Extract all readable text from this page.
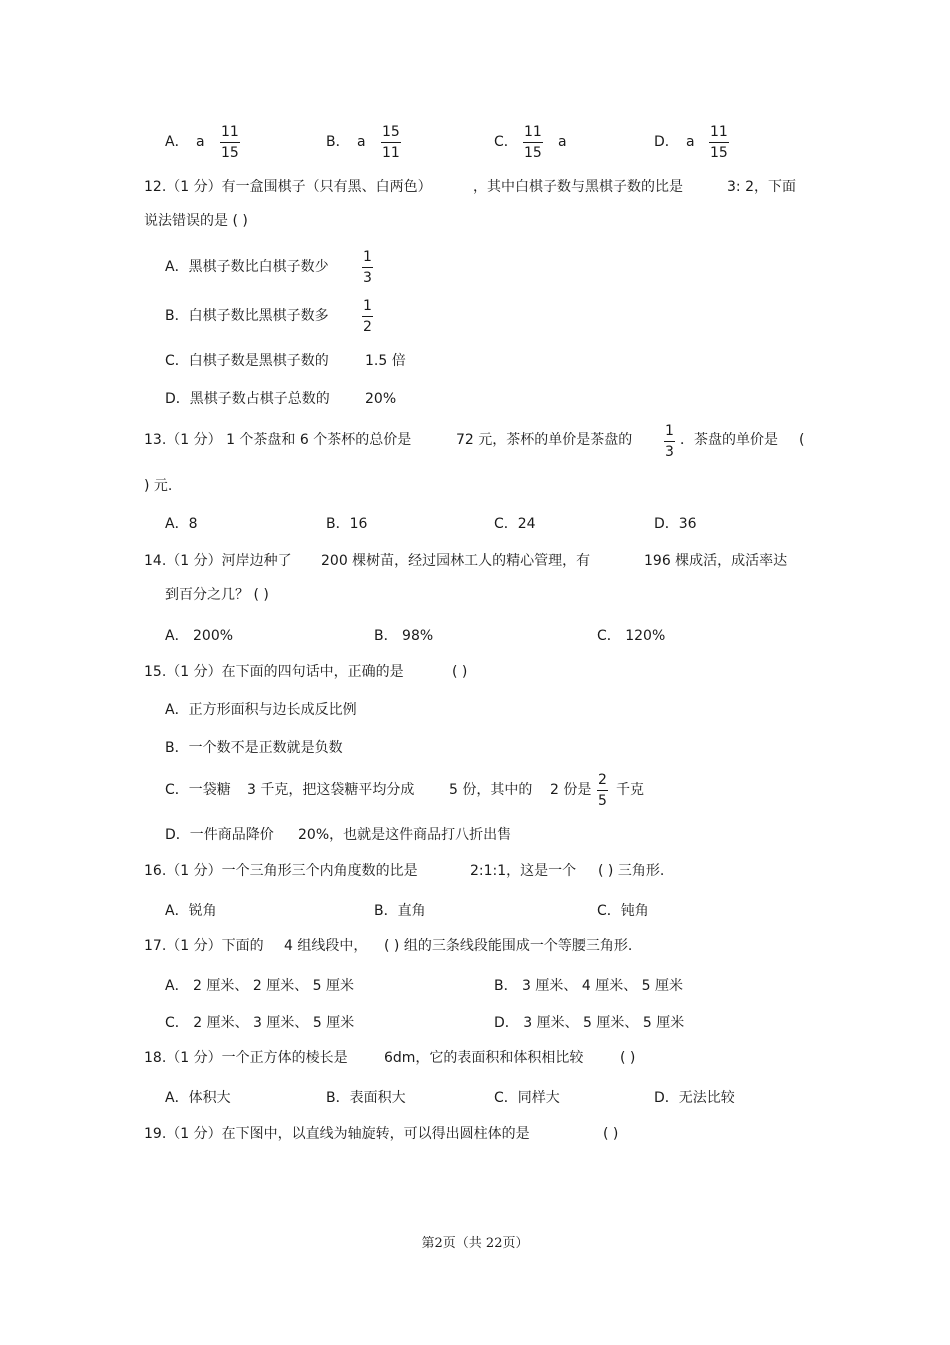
A． a $\frac{11}{15}$	B． a $\frac{15}{11}$	C． $\frac{11}{15}$ a	D． a $\frac{11}{15}$
12.（1 分）有一盒围棋子（只有黑、白两色）	，其中白棋子数与黑棋子数的比是	3: 2，下面
说法错误的是 ( )
A．黑棋子数比白棋子数少 $\frac{1}{3}$
B．白棋子数比黑棋子数多 $\frac{1}{2}$
C．白棋子数是黑棋子数的	1.5 倍
D．黑棋子数占棋子总数的	20%
13.（1 分） 1 个茶盘和 6 个茶杯的总价是	72 元，茶杯的单价是茶盘的 $\frac{1}{3}$ ．茶盘的单价是 (
) 元.
A．8	B．16	C．24	D．36
14.（1 分）河岸边种了 200 棵树苗，经过园林工人的精心管理，有	196 棵成活，成活率达
到百分之几？ ( )
A． 200%	B． 98%	C． 120%
15.（1 分）在下面的四句话中，正确的是	( )
A．正方形面积与边长成反比例
B．一个数不是正数就是负数
C．一袋糖 3 千克，把这袋糖平均分成 5 份，其中的 2 份是 $\frac{2}{5}$ 千克
D．一件商品降价 20%，也就是这件商品打八折出售
16.（1 分）一个三角形三个内角度数的比是	2:1:1，这是一个 ( ) 三角形.
A．锐角	B．直角	C．钝角
17.（1 分）下面的 4 组线段中， ( ) 组的三条线段能围成一个等腰三角形.
A． 2 厘米、 2 厘米、 5 厘米	B． 3 厘米、 4 厘米、 5 厘米
C． 2 厘米、 3 厘米、 5 厘米	D． 3 厘米、 5 厘米、 5 厘米
18.（1 分）一个正方体的棱长是	6dm，它的表面积和体积相比较	( )
A．体积大	B．表面积大	C．同样大	D．无法比较
19.（1 分）在下图中，以直线为轴旋转，可以得出圆柱体的是	( )
第2页（共 22页）
